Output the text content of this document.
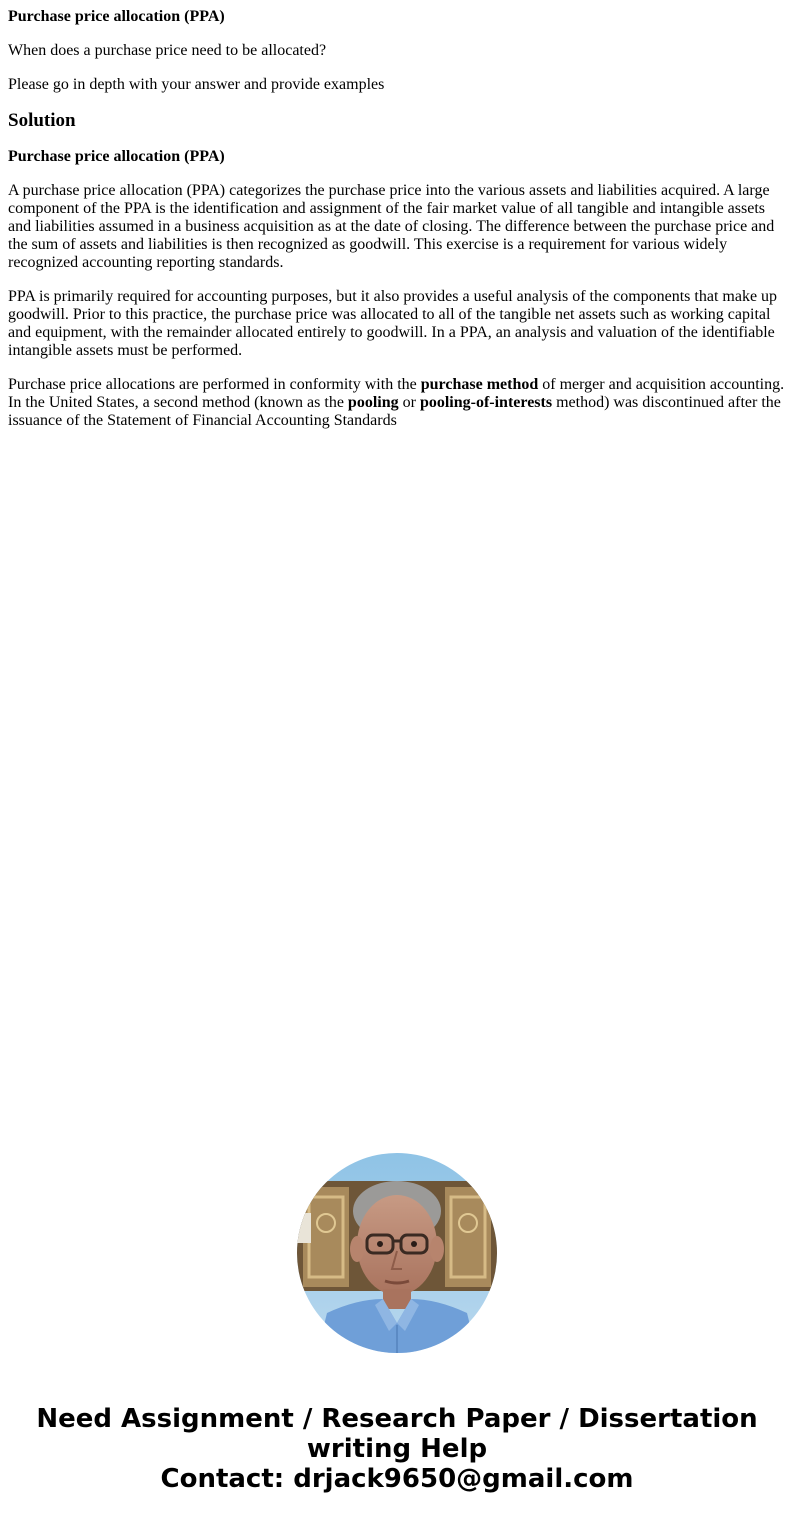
Purchase price allocation (PPA)
When does a purchase price need to be allocated?
Please go in depth with your answer and provide examples
Solution
Purchase price allocation (PPA)

A purchase price allocation (PPA) categorizes the purchase price into the various assets and liabilities acquired. A large component of the PPA is the identification and assignment of the fair market value of all tangible and intangible assets and liabilities assumed in a business acquisition as at the date of closing. The difference between the purchase price and the sum of assets and liabilities is then recognized as goodwill. This exercise is a requirement for various widely recognized accounting reporting standards.

PPA is primarily required for accounting purposes, but it also provides a useful analysis of the components that make up goodwill. Prior to this practice, the purchase price was allocated to all of the tangible net assets such as working capital and equipment, with the remainder allocated entirely to goodwill. In a PPA, an analysis and valuation of the identifiable intangible assets must be performed.

Purchase price allocations are performed in conformity with the purchase method of merger and acquisition accounting. In the United States, a second method (known as the pooling or pooling-of-interests method) was discontinued after the issuance of the Statement of Financial Accounting Standards

Need Assignment / Research Paper / Dissertation
writing Help
Contact: drjack9650@gmail.com
